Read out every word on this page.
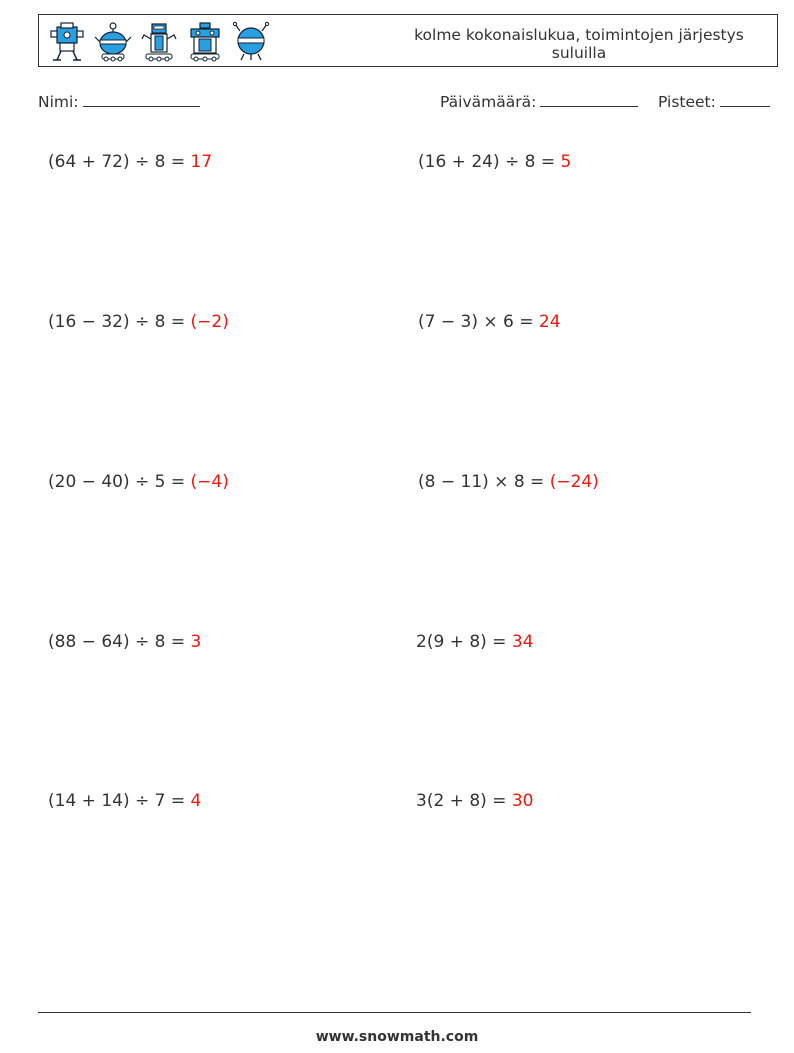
kolme kokonaislukua, toimintojen järjestys suluilla
Nimi:	Päivämäärä:	Pisteet:
(64 + 72) ÷ 8 = 17	(16 + 24) ÷ 8 = 5
(16 − 32) ÷ 8 = (−2)	(7 − 3) × 6 = 24
(20 − 40) ÷ 5 = (−4)	(8 − 11) × 8 = (−24)
(88 − 64) ÷ 8 = 3	2(9 + 8) = 34
(14 + 14) ÷ 7 = 4	3(2 + 8) = 30
www.snowmath.com
